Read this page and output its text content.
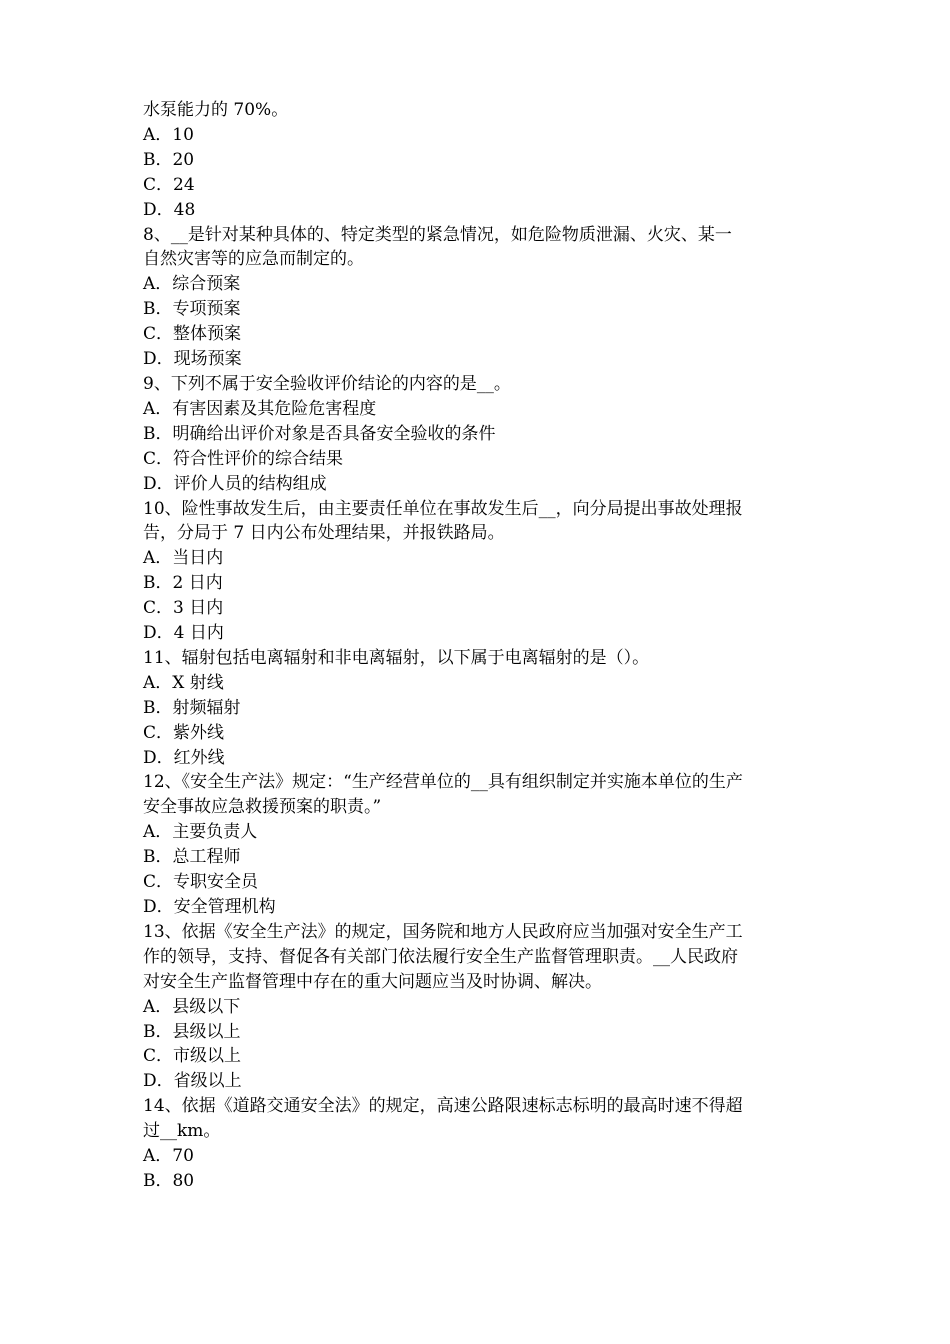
水泵能力的 70%。
A．10
B．20
C．24
D．48
8、__是针对某种具体的、特定类型的紧急情况，如危险物质泄漏、火灾、某一
自然灾害等的应急而制定的。
A．综合预案
B．专项预案
C．整体预案
D．现场预案
9、下列不属于安全验收评价结论的内容的是__。
A．有害因素及其危险危害程度
B．明确给出评价对象是否具备安全验收的条件
C．符合性评价的综合结果
D．评价人员的结构组成
10、险性事故发生后，由主要责任单位在事故发生后__，向分局提出事故处理报
告，分局于 7 日内公布处理结果，并报铁路局。
A．当日内
B．2 日内
C．3 日内
D．4 日内
11、辐射包括电离辐射和非电离辐射，以下属于电离辐射的是（）。
A．X 射线
B．射频辐射
C．紫外线
D．红外线
12、《安全生产法》规定：“生产经营单位的__具有组织制定并实施本单位的生产
安全事故应急救援预案的职责。”
A．主要负责人
B．总工程师
C．专职安全员
D．安全管理机构
13、依据《安全生产法》的规定，国务院和地方人民政府应当加强对安全生产工
作的领导，支持、督促各有关部门依法履行安全生产监督管理职责。__人民政府
对安全生产监督管理中存在的重大问题应当及时协调、解决。
A．县级以下
B．县级以上
C．市级以上
D．省级以上
14、依据《道路交通安全法》的规定，高速公路限速标志标明的最高时速不得超
过__km。
A．70
B．80
